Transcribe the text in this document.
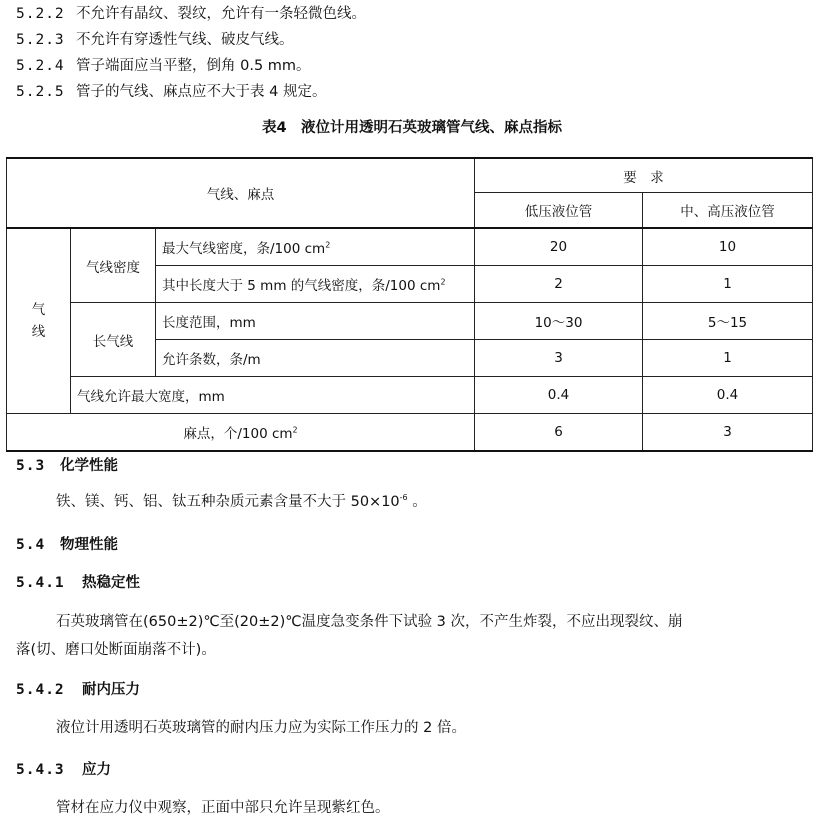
5.2.2 不允许有晶纹、裂纹，允许有一条轻微色线。
5.2.3 不允许有穿透性气线、破皮气线。
5.2.4 管子端面应当平整，倒角 0.5 mm。
5.2.5 管子的气线、麻点应不大于表 4 规定。
表4　液位计用透明石英玻璃管气线、麻点指标
气线、麻点			要　求	
			低压液位管	中、高压液位管
气
线	气线密度	最大气线密度，条/100 $cm^2$	20	10
		其中长度大于 5 mm 的气线密度，条/100 $cm^2$	2	1
	长气线	长度范围，mm	10～30	5～15
		允许条数，条/m	3	1
	气线允许最大宽度，mm		0.4	0.4
麻点，个/100 $cm^2$			6	3
5.3 化学性能
铁、镁、钙、铝、钛五种杂质元素含量不大于 $50\times 10^{-6}$ 。
5.4 物理性能
5.4.1 热稳定性
石英玻璃管在(650±2)℃至(20±2)℃温度急变条件下试验 3 次，不产生炸裂，不应出现裂纹、崩
落(切、磨口处断面崩落不计)。
5.4.2 耐内压力
液位计用透明石英玻璃管的耐内压力应为实际工作压力的 2 倍。
5.4.3 应力
管材在应力仪中观察，正面中部只允许呈现紫红色。
